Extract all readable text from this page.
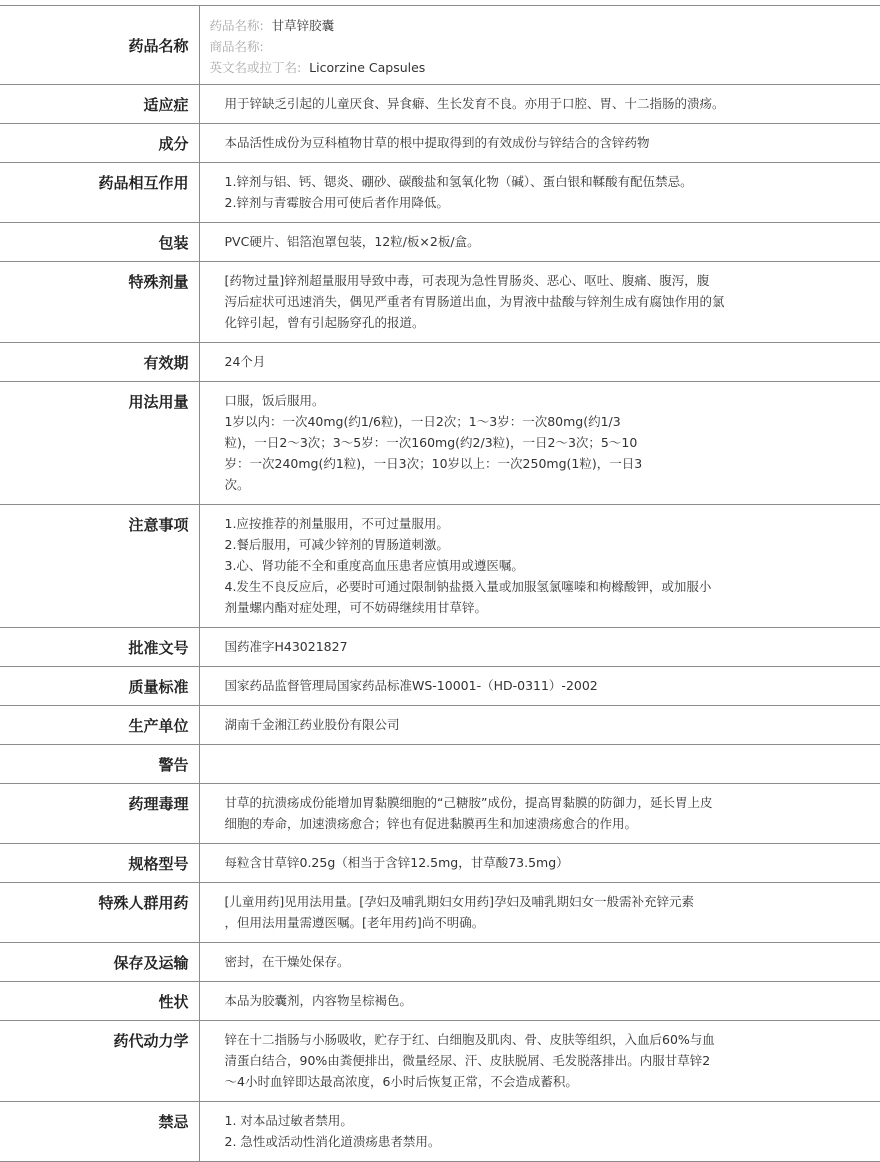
药品名称	药品名称: 甘草锌胶囊
商品名称:
英文名或拉丁名: Licorzine Capsules

适应症	用于锌缺乏引起的儿童厌食、异食癖、生长发育不良。亦用于口腔、胃、十二指肠的溃疡。

成分	本品活性成份为豆科植物甘草的根中提取得到的有效成份与锌结合的含锌药物

药品相互作用	1.锌剂与铝、钙、锶炎、硼砂、碳酸盐和氢氧化物（碱）、蛋白银和鞣酸有配伍禁忌。
2.锌剂与青霉胺合用可使后者作用降低。

包装	PVC硬片、铝箔泡罩包装，12粒/板×2板/盒。

特殊剂量	[药物过量]锌剂超量服用导致中毒，可表现为急性胃肠炎、恶心、呕吐、腹痛、腹泻，腹
泻后症状可迅速消失，偶见严重者有胃肠道出血，为胃液中盐酸与锌剂生成有腐蚀作用的氯
化锌引起，曾有引起肠穿孔的报道。

有效期	24个月

用法用量	口服，饭后服用。
1岁以内：一次40mg(约1/6粒)，一日2次；1～3岁：一次80mg(约1/3
粒)，一日2～3次；3～5岁：一次160mg(约2/3粒)，一日2～3次；5～10
岁：一次240mg(约1粒)，一日3次；10岁以上：一次250mg(1粒)，一日3
次。

注意事项	1.应按推荐的剂量服用，不可过量服用。
2.餐后服用，可减少锌剂的胃肠道刺激。
3.心、肾功能不全和重度高血压患者应慎用或遵医嘱。
4.发生不良反应后，必要时可通过限制钠盐摄入量或加服氢氯噻嗪和枸橼酸钾，或加服小
剂量螺内酯对症处理，可不妨碍继续用甘草锌。

批准文号	国药准字H43021827

质量标准	国家药品监督管理局国家药品标准WS-10001-（HD-0311）-2002

生产单位	湖南千金湘江药业股份有限公司

警告	

药理毒理	甘草的抗溃疡成份能增加胃黏膜细胞的“己糖胺”成份，提高胃黏膜的防御力，延长胃上皮
细胞的寿命，加速溃疡愈合；锌也有促进黏膜再生和加速溃疡愈合的作用。

规格型号	每粒含甘草锌0.25g（相当于含锌12.5mg，甘草酸73.5mg）

特殊人群用药	[儿童用药]见用法用量。[孕妇及哺乳期妇女用药]孕妇及哺乳期妇女一般需补充锌元素
，但用法用量需遵医嘱。[老年用药]尚不明确。

保存及运输	密封，在干燥处保存。

性状	本品为胶囊剂，内容物呈棕褐色。

药代动力学	锌在十二指肠与小肠吸收，贮存于红、白细胞及肌肉、骨、皮肤等组织，入血后60%与血
清蛋白结合，90%由粪便排出，微量经尿、汗、皮肤脱屑、毛发脱落排出。内服甘草锌2
～4小时血锌即达最高浓度，6小时后恢复正常，不会造成蓄积。

禁忌	1. 对本品过敏者禁用。
2. 急性或活动性消化道溃疡患者禁用。
